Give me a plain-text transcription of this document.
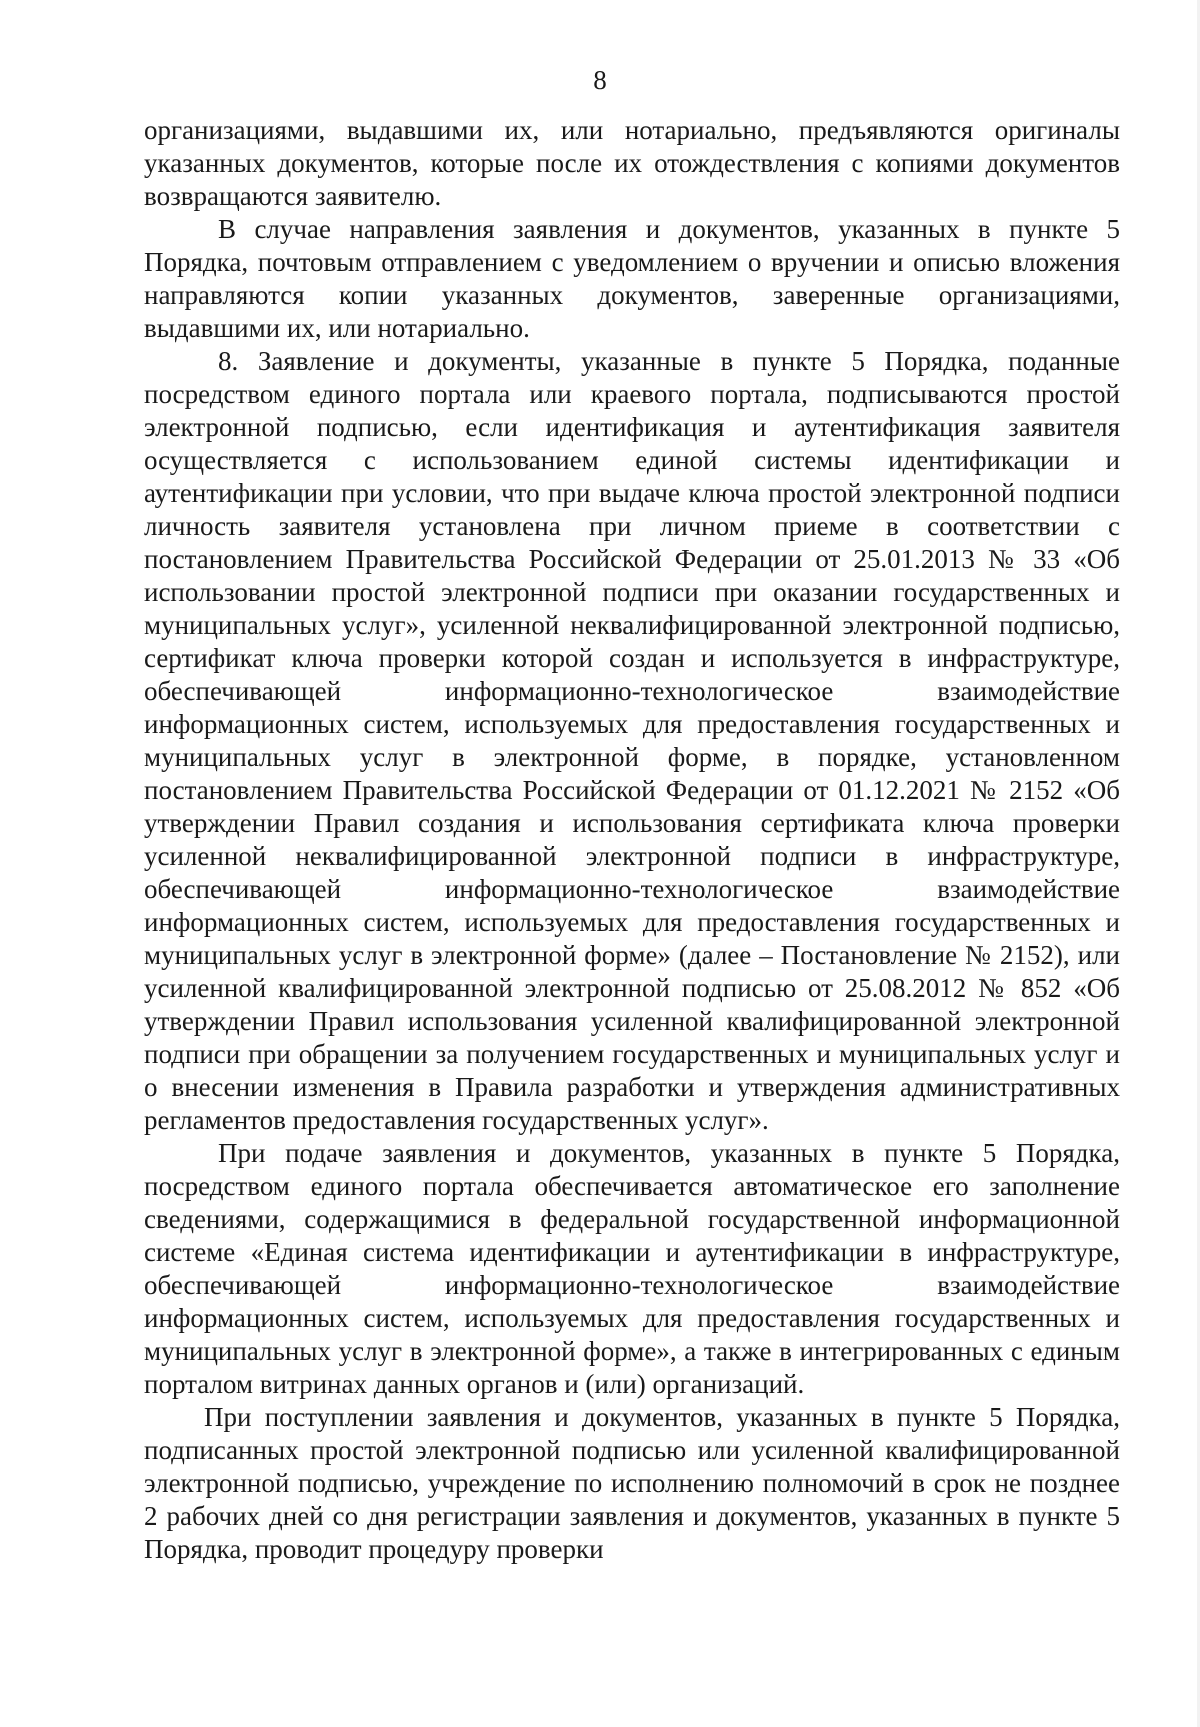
8

организациями, выдавшими их, или нотариально, предъявляются оригиналы указанных документов, которые после их отождествления с копиями документов возвращаются заявителю.

В случае направления заявления и документов, указанных в пункте 5 Порядка, почтовым отправлением с уведомлением о вручении и описью вложения направляются копии указанных документов, заверенные организациями, выдавшими их, или нотариально.

8. Заявление и документы, указанные в пункте 5 Порядка, поданные посредством единого портала или краевого портала, подписываются простой электронной подписью, если идентификация и аутентификация заявителя осуществляется с использованием единой системы идентификации и аутентификации при условии, что при выдаче ключа простой электронной подписи личность заявителя установлена при личном приеме в соответствии с постановлением Правительства Российской Федерации от 25.01.2013 № 33 «Об использовании простой электронной подписи при оказании государственных и муниципальных услуг», усиленной неквалифицированной электронной подписью, сертификат ключа проверки которой создан и используется в инфраструктуре, обеспечивающей информационно-технологическое взаимодействие информационных систем, используемых для предоставления государственных и муниципальных услуг в электронной форме, в порядке, установленном постановлением Правительства Российской Федерации от 01.12.2021 № 2152 «Об утверждении Правил создания и использования сертификата ключа проверки усиленной неквалифицированной электронной подписи в инфраструктуре, обеспечивающей информационно-технологическое взаимодействие информационных систем, используемых для предоставления государственных и муниципальных услуг в электронной форме» (далее – Постановление № 2152), или усиленной квалифицированной электронной подписью от 25.08.2012 № 852 «Об утверждении Правил использования усиленной квалифицированной электронной подписи при обращении за получением государственных и муниципальных услуг и о внесении изменения в Правила разработки и утверждения административных регламентов предоставления государственных услуг».

При подаче заявления и документов, указанных в пункте 5 Порядка, посредством единого портала обеспечивается автоматическое его заполнение сведениями, содержащимися в федеральной государственной информационной системе «Единая система идентификации и аутентификации в инфраструктуре, обеспечивающей информационно-технологическое взаимодействие информационных систем, используемых для предоставления государственных и муниципальных услуг в электронной форме», а также в интегрированных с единым порталом витринах данных органов и (или) организаций.

При поступлении заявления и документов, указанных в пункте 5 Порядка, подписанных простой электронной подписью или усиленной квалифицированной электронной подписью, учреждение по исполнению полномочий в срок не позднее 2 рабочих дней со дня регистрации заявления и документов, указанных в пункте 5 Порядка, проводит процедуру проверки
